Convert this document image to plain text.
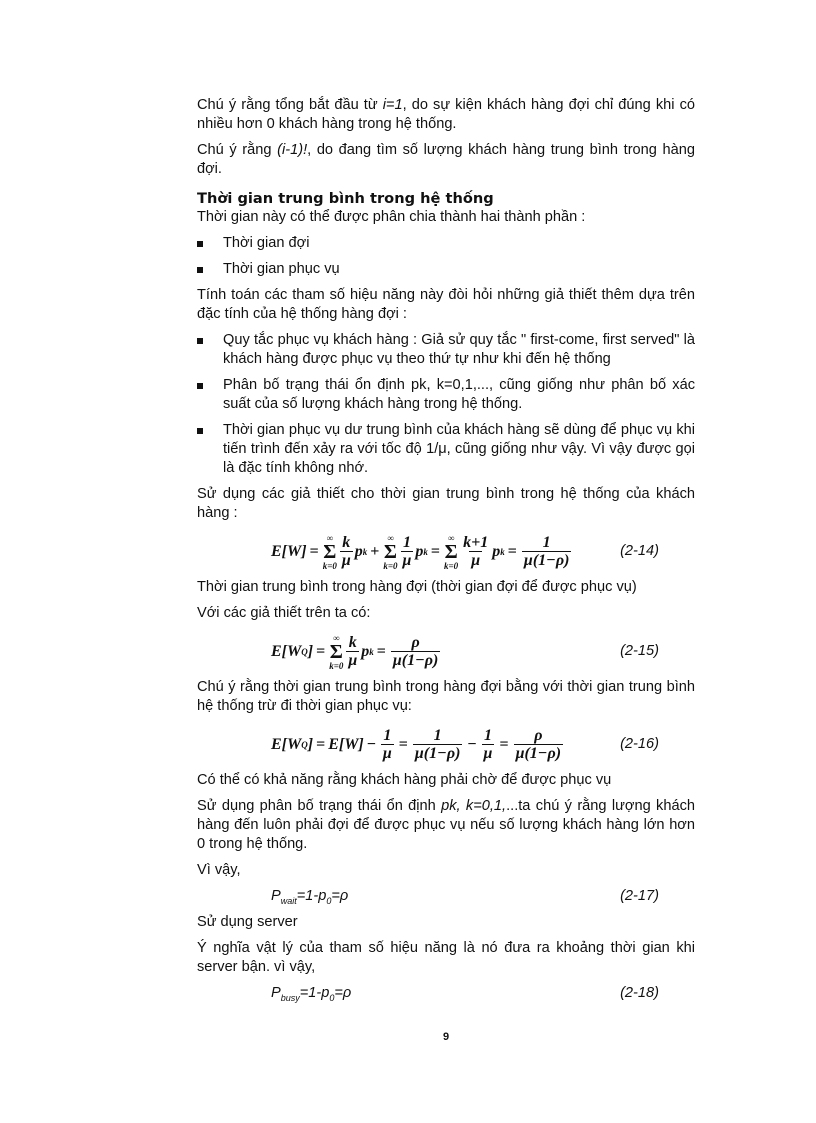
Chú ý rằng tổng bắt đầu từ i=1, do sự kiện khách hàng đợi chỉ đúng khi có nhiều hơn 0 khách hàng trong hệ thống.

Chú ý rằng (i-1)!, do đang tìm số lượng khách hàng trung bình trong hàng đợi.

Thời gian trung bình trong hệ thống

Thời gian này có thể được phân chia thành hai thành phần :

Thời gian đợi
Thời gian phục vụ

Tính toán các tham số hiệu năng này đòi hỏi những giả thiết thêm dựa trên đặc tính của hệ thống hàng đợi :

Quy tắc phục vụ khách hàng : Giả sử quy tắc " first-come, first served" là khách hàng được phục vụ theo thứ tự như khi đến hệ thống
Phân bố trạng thái ổn định pk, k=0,1,..., cũng giống như phân bố xác suất của số lượng khách hàng trong hệ thống.
Thời gian phục vụ dư trung bình của khách hàng sẽ dùng để phục vụ khi tiến trình đến xảy ra với tốc độ 1/μ, cũng giống như vậy. Vì vậy được gọi là đặc tính không nhớ.

Sử dụng các giả thiết cho thời gian trung bình trong hệ thống của khách hàng :

E[W] =
∞
Σ
$k=0 \frac{k}{\mu}$ p k +
∞
Σ
$k=0 \frac{1}{\mu}$ p k =
∞
Σ
$k=0 \frac{k+1}{\mu}$ p $k = \frac{1}{\mu(1-\rho)}$	(2-14)

Thời gian trung bình trong hàng đợi (thời gian đợi để được phục vụ)

Với các giả thiết trên ta có:

E[W Q ] =
∞
Σ
$k=0 \frac{k}{\mu}$ p $k = \frac{\rho}{\mu(1-\rho)}$	(2-15)

Chú ý rằng thời gian trung bình trong hàng đợi bằng với thời gian trung bình hệ thống trừ đi thời gian phục vụ:

E[W Q ] = $E[W] - \frac{1}{\mu} = \frac{1}{\mu(1-\rho)} - \frac{1}{\mu} = \frac{\rho}{\mu(1-\rho)}$	(2-16)

Có thể có khả năng rằng khách hàng phải chờ để được phục vụ

Sử dụng phân bố trạng thái ổn định pk, k=0,1,...ta chú ý rằng lượng khách hàng đến luôn phải đợi để được phục vụ nếu số lượng khách hàng lớn hơn 0 trong hệ thống.

Vì vậy,

$P_{wait}=1-p_0=\rho$	(2-17)

Sử dụng server

Ý nghĩa vật lý của tham số hiệu năng là nó đưa ra khoảng thời gian khi server bận. vì vậy,

$P_{busy}=1-p_0=\rho$	(2-18)
9
